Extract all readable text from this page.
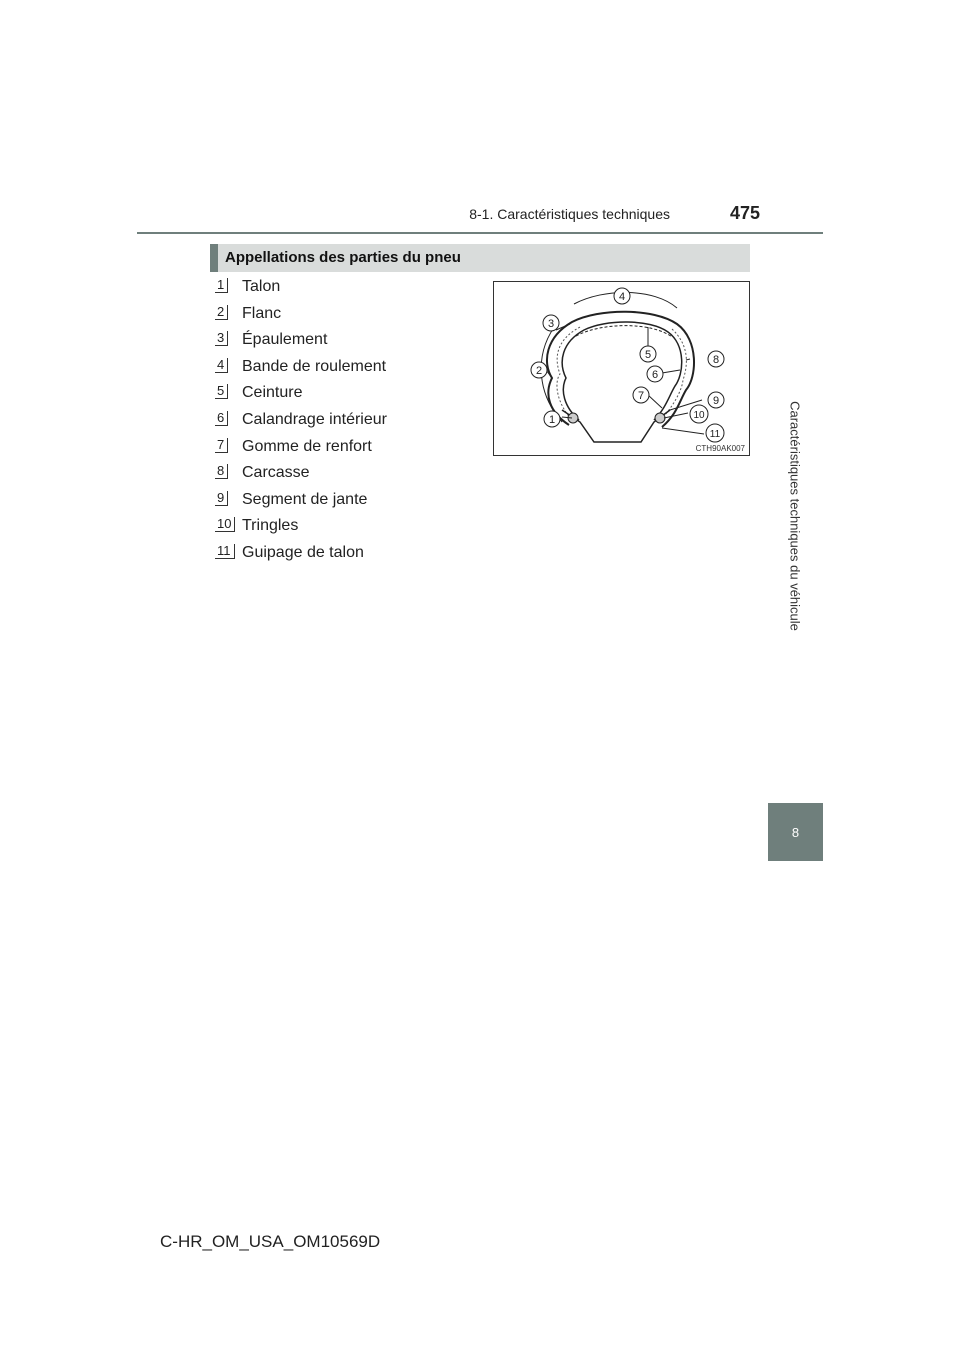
8-1. Caractéristiques techniques	475
Caractéristiques techniques du véhicule
8
Appellations des parties du pneu
1 Talon
2 Flanc
3 Épaulement
4 Bande de roulement
5 Ceinture
6 Calandrage intérieur
7 Gomme de renfort
8 Carcasse
9 Segment de jante
10 Tringles
11 Guipage de talon
1
2
3
4
5
6
7
8
9
10
11
CTH90AK007
C-HR_OM_USA_OM10569D
